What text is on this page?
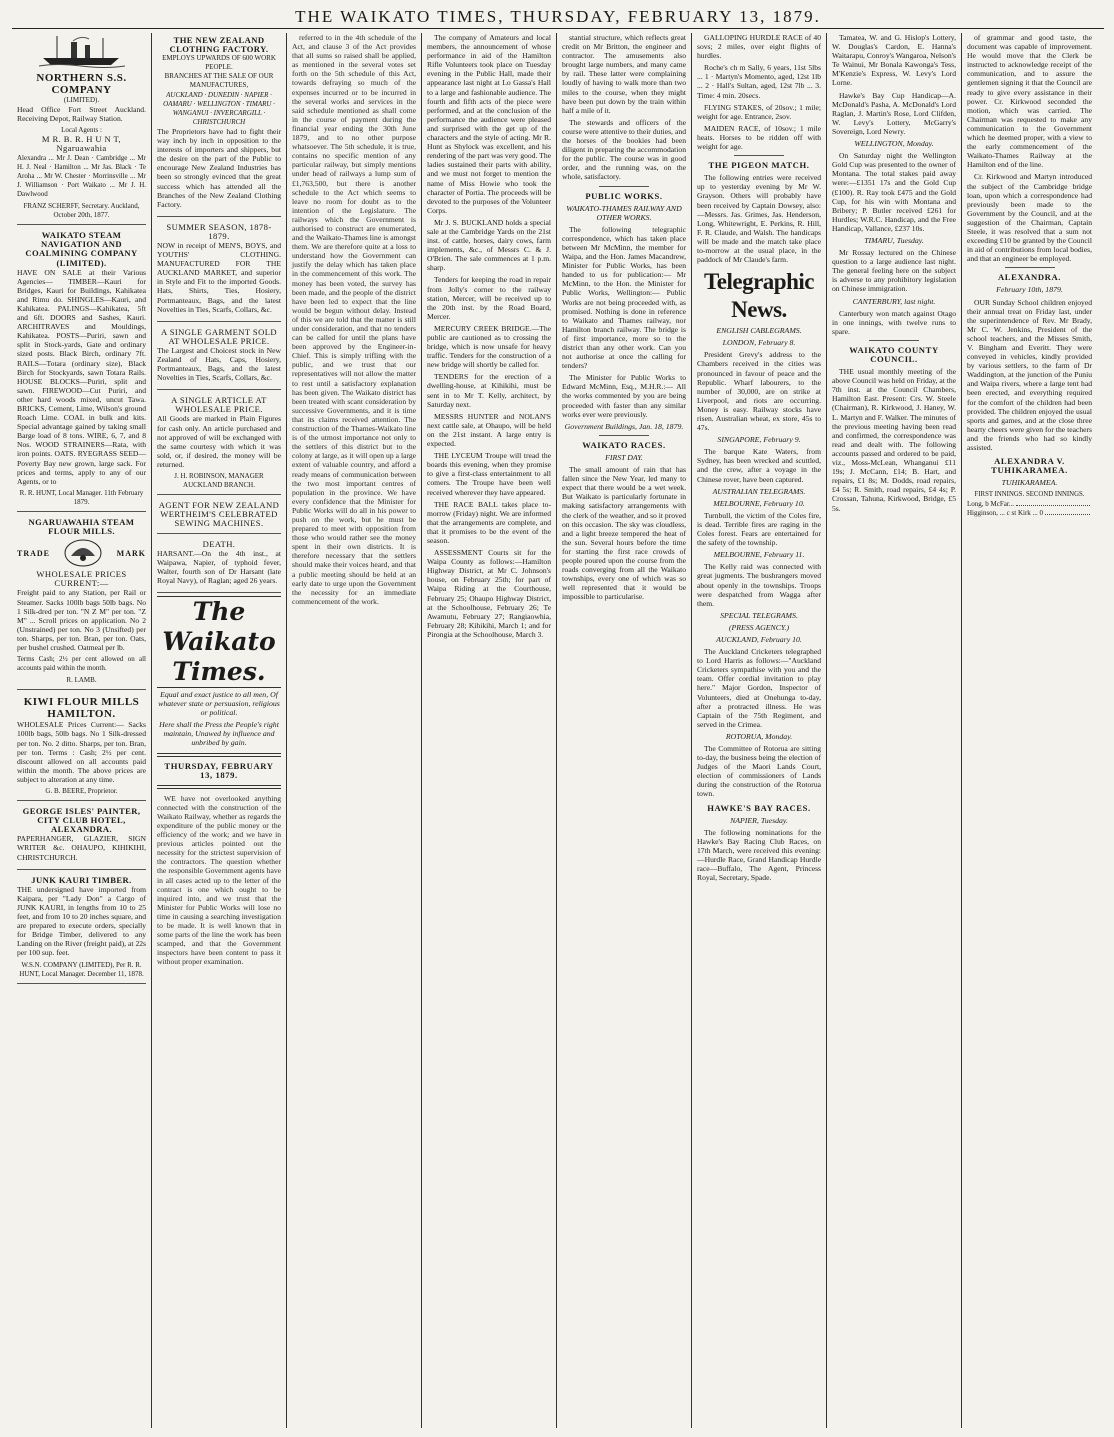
THE WAIKATO TIMES, THURSDAY, FEBRUARY 13, 1879.
NORTHERN S.S. COMPANY
(LIMITED).

Head Office Fort Street Auckland. Receiving Depot, Railway Station.

Local Agents :
M R. B. R. H U N T, Ngaruawahia

Alexandra ... Mr J. Dean · Cambridge ... Mr H. J. Neal · Hamilton ... Mr Jas. Black · Te Aroha ... Mr W. Chester · Morrinsville ... Mr J. Williamson · Port Waikato ... Mr J. H. Dawlwood

FRANZ SCHERFF, Secretary. Auckland, October 20th, 1877.
WAIKATO STEAM NAVIGATION AND COALMINING COMPANY (LIMITED).

HAVE ON SALE at their Various Agencies— TIMBER—Kauri for Bridges, Kauri for Buildings, Kahikatea and Rimu do. SHINGLES—Kauri, and Kahikatea. PALINGS—Kahikatea, 5ft and 6ft. DOORS and Sashes, Kauri. ARCHITRAVES and Mouldings, Kahikatea. POSTS—Puriri, sawn and split in Stock-yards, Gate and ordinary sized posts. Black Birch, ordinary 7ft. RAILS—Totara (ordinary size), Black Birch for Stockyards, sawn Totara Rails. HOUSE BLOCKS—Puriri, split and sawn. FIREWOOD—Cut Puriri, and other hard woods mixed, uncut Tawa. BRICKS, Cement, Lime, Wilson's ground Roach Lime. COAL in bulk and kits. Special advantage gained by taking small Barge load of 8 tons. WIRE, 6, 7, and 8 Nos. WOOD STRAINERS—Rata, with iron points. OATS. RYEGRASS SEED—Poverty Bay new grown, large sack. For prices and terms, apply to any of our Agents, or to

R. R. HUNT, Local Manager. 11th February 1879.
NGARUAWAHIA STEAM FLOUR MILLS.
TRADE	MARK
WHOLESALE PRICES CURRENT:—

Freight paid to any Station, per Rail or Steamer. Sacks 100lb bags 50lb bags. No 1 Silk-dred per ton. "N Z M" per ton. "Z M" ... Scroll prices on application. No 2 (Unstrained) per ton. No 3 (Unsifted) per ton. Sharps, per ton. Bran, per ton. Oats, per bushel crushed. Oatmeal per lb.

Terms Cash; 2½ per cent allowed on all accounts paid within the month.

R. LAMB.
KIWI FLOUR MILLS HAMILTON.

WHOLESALE Prices Current:— Sacks 100lb bags, 50lb bags. No 1 Silk-dressed per ton. No. 2 ditto. Sharps, per ton. Bran, per ton. Terms : Cash; 2½ per cent. discount allowed on all accounts paid within the month. The above prices are subject to alteration at any time.

G. B. BEERE, Proprietor.
GEORGE ISLES' PAINTER, CITY CLUB HOTEL, ALEXANDRA.

PAPERHANGER, GLAZIER, SIGN WRITER &c. OHAUPO, KIHIKIHI, CHRISTCHURCH.

JUNK KAURI TIMBER.

THE undersigned have imported from Kaipara, per "Lady Don" a Cargo of JUNK KAURI, in lengths from 10 to 25 feet, and from 10 to 20 inches square, and are prepared to execute orders, specially for Bridge Timber, delivered to any Landing on the River (freight paid), at 22s per 100 sup. feet.

W.S.N. COMPANY (LIMITED), Per R. R. HUNT, Local Manager. December 11, 1878.
THE NEW ZEALAND CLOTHING FACTORY.
EMPLOYS UPWARDS OF 600 WORK PEOPLE.
BRANCHES AT THE SALE OF OUR MANUFACTURES,
AUCKLAND · DUNEDIN · NAPIER · OAMARU · WELLINGTON · TIMARU · WANGANUI · INVERCARGILL · CHRISTCHURCH

The Proprietors have had to fight their way inch by inch in opposition to the interests of importers and shippers, but the desire on the part of the Public to encourage New Zealand Industries has been so strongly evinced that the great success which has attended all the Branches of the New Zealand Clothing Factory.

SUMMER SEASON, 1878-1879.

NOW in receipt of MEN'S, BOYS, and YOUTHS' CLOTHING. MANUFACTURED FOR THE AUCKLAND MARKET, and superior in Style and Fit to the imported Goods. Hats, Shirts, Ties, Hosiery, Portmanteaux, Bags, and the latest Novelties in Ties, Scarfs, Collars, &c.

A SINGLE GARMENT SOLD AT WHOLESALE PRICE.

The Largest and Choicest stock in New Zealand of Hats, Caps, Hosiery, Portmanteaux, Bags, and the latest Novelties in Ties, Scarfs, Collars, &c.

A SINGLE ARTICLE AT WHOLESALE PRICE.

All Goods are marked in Plain Figures for cash only. An article purchased and not approved of will be exchanged with the same courtesy with which it was sold, or, if desired, the money will be returned.

J. H. ROBINSON, MANAGER AUCKLAND BRANCH.
AGENT FOR NEW ZEALAND WERTHEIM'S CELEBRATED SEWING MACHINES.
DEATH.

HARSANT.—On the 4th inst., at Waipawa, Napier, of typhoid fever, Walter, fourth son of Dr Harsant (late Royal Navy), of Raglan; aged 26 years.

The Waikato Times.
Equal and exact justice to all men, Of whatever state or persuasion, religious or political.
Here shall the Press the People's right maintain, Unawed by influence and unbribed by gain.
THURSDAY, FEBRUARY 13, 1879.

WE have not overlooked anything connected with the construction of the Waikato Railway, whether as regards the expenditure of the public money or the efficiency of the work; and we have in previous articles pointed out the necessity for the strictest supervision of the contractors. The question whether the responsible Government agents have in all cases acted up to the letter of the contract is one which ought to be inquired into, and we trust that the Minister for Public Works will lose no time in causing a searching investigation to be made. It is well known that in some parts of the line the work has been scamped, and that the Government inspectors have been content to pass it without proper examination.

referred to in the 4th schedule of the Act, and clause 3 of the Act provides that all sums so raised shall be applied, as mentioned in the several votes set forth on the 5th schedule of this Act, towards defraying so much of the expenses incurred or to be incurred in the several works and services in the said schedule mentioned as shall come in the course of payment during the financial year ending the 30th June 1879, and to no other purpose whatsoever. The 5th schedule, it is true, contains no specific mention of any particular railway, but simply mentions under head of railways a lump sum of £1,763,500, but there is another schedule to the Act which seems to leave no room for doubt as to the intention of the Legislature. The railways which the Government is authorised to construct are enumerated, and the Waikato-Thames line is amongst them. We are therefore quite at a loss to understand how the Government can justify the delay which has taken place in the commencement of this work. The money has been voted, the survey has been made, and the people of the district have been led to expect that the line would be begun without delay. Instead of this we are told that the matter is still under consideration, and that no tenders can be called for until the plans have been approved by the Engineer-in-Chief. This is simply trifling with the public, and we trust that our representatives will not allow the matter to rest until a satisfactory explanation has been given. The Waikato district has been treated with scant consideration by successive Governments, and it is time that its claims received attention. The construction of the Thames-Waikato line is of the utmost importance not only to the settlers of this district but to the colony at large, as it will open up a large extent of valuable country, and afford a ready means of communication between the two most important centres of population in the province. We have every confidence that the Minister for Public Works will do all in his power to push on the work, but he must be prepared to meet with opposition from those who would rather see the money spent in their own districts. It is therefore necessary that the settlers should make their voices heard, and that a public meeting should be held at an early date to urge upon the Government the necessity for an immediate commencement of the work.

The company of Amateurs and local members, the announcement of whose performance in aid of the Hamilton Rifle Volunteers took place on Tuesday evening in the Public Hall, made their appearance last night at Lo Gassa's Hall to a large and fashionable audience. The fourth and fifth acts of the piece were performed, and at the conclusion of the performance the audience were pleased and surprised with the get up of the characters and the style of acting. Mr R. Hunt as Shylock was excellent, and his rendering of the part was very good. The ladies sustained their parts with ability, and we must not forget to mention the name of Miss Howie who took the character of Portia. The proceeds will be devoted to the purposes of the Volunteer Corps.

Mr J. S. BUCKLAND holds a special sale at the Cambridge Yards on the 21st inst. of cattle, horses, dairy cows, farm implements, &c., of Messrs C. & J. O'Brien. The sale commences at 1 p.m. sharp.

Tenders for keeping the road in repair from Jolly's corner to the railway station, Mercer, will be received up to the 20th inst. by the Road Board, Mercer.

MERCURY CREEK BRIDGE.—The public are cautioned as to crossing the bridge, which is now unsafe for heavy traffic. Tenders for the construction of a new bridge will shortly be called for.

TENDERS for the erection of a dwelling-house, at Kihikihi, must be sent in to Mr T. Kelly, architect, by Saturday next.

MESSRS HUNTER and NOLAN'S next cattle sale, at Ohaupo, will be held on the 21st instant. A large entry is expected.

THE LYCEUM Troupe will tread the boards this evening, when they promise to give a first-class entertainment to all comers. The Troupe have been well received wherever they have appeared.

THE RACE BALL takes place to-morrow (Friday) night. We are informed that the arrangements are complete, and that it promises to be the event of the season.

ASSESSMENT Courts sit for the Waipa County as follows:—Hamilton Highway District, at Mr C. Johnson's house, on February 25th; for part of Waipa Riding at the Courthouse, February 25; Ohaupo Highway District, at the Schoolhouse, February 26; Te Awamutu, February 27; Rangiaowhia, February 28; Kihikihi, March 1; and for Pirongia at the Schoolhouse, March 3.

stantial structure, which reflects great credit on Mr Britton, the engineer and contractor. The amusements also brought large numbers, and many came by rail. These latter were complaining loudly of having to walk more than two miles to the course, when they might have been put down by the train within half a mile of it.

The stewards and officers of the course were attentive to their duties, and the horses of the bookies had been diligent in preparing the accommodation for the public. The course was in good order, and the running was, on the whole, satisfactory.

PUBLIC WORKS.
WAIKATO-THAMES RAILWAY AND OTHER WORKS.

The following telegraphic correspondence, which has taken place between Mr McMinn, the member for Waipa, and the Hon. James Macandrew, Minister for Public Works, has been handed to us for publication:— Mr McMinn, to the Hon. the Minister for Public Works, Wellington:— Public Works are not being proceeded with, as promised. Nothing is done in reference to Waikato and Thames railway, nor Hamilton branch railway. The bridge is of first importance, more so to the district than any other work. Can you not authorise at once the calling for tenders?

The Minister for Public Works to Edward McMinn, Esq., M.H.R.:— All the works commented by you are being proceeded with faster than any similar works ever were previously.

Government Buildings, Jan. 18, 1879.
WAIKATO RACES.
FIRST DAY.

The small amount of rain that has fallen since the New Year, led many to expect that there would be a wet week. But Waikato is particularly fortunate in making satisfactory arrangements with the clerk of the weather, and so it proved on this occasion. The sky was cloudless, and a light breeze tempered the heat of the sun. Several hours before the time for starting the first race crowds of people poured upon the course from the roads converging from all the Waikato townships, every one of which was so well represented that it would be impossible to particularise.

GALLOPING HURDLE RACE of 40 sovs; 2 miles, over eight flights of hurdles.

Roche's ch m Sally, 6 years, 11st 5lbs ... 1 · Martyn's Momento, aged, 12st 1lb ... 2 · Hall's Sultan, aged, 12st 7lb ... 3. Time: 4 min. 20secs.

FLYING STAKES, of 20sov.; 1 mile; weight for age. Entrance, 2sov.

MAIDEN RACE, of 10sov.; 1 mile heats. Horses to be ridden off with weight for age.

THE PIGEON MATCH.

The following entries were received up to yesterday evening by Mr W. Grayson. Others will probably have been received by Captain Dowsey, also:—Messrs. Jas. Grimes, Jas. Henderson, Long, Whitewright, E. Perkins, R. Hill, F. R. Claude, and Walsh. The handicaps will be made and the match take place to-morrow at the usual place, in the paddock of Mr Claude's farm.

Telegraphic News.
ENGLISH CABLEGRAMS.
LONDON, February 8.

President Grevy's address to the Chambers received in the cities was pronounced in favour of peace and the Republic. Wharf labourers, to the number of 30,000, are on strike at Liverpool, and riots are occurring. Money is easy. Railway stocks have risen. Australian wheat, ex store, 45s to 47s.

SINGAPORE, February 9.

The barque Kate Waters, from Sydney, has been wrecked and scuttled, and the crew, after a voyage in the Chinese rover, have been captured.

AUSTRALIAN TELEGRAMS.
MELBOURNE, February 10.

Turnbull, the victim of the Coles fire, is dead. Terrible fires are raging in the Coles forest. Fears are entertained for the safety of the township.

MELBOURNE, February 11.

The Kelly raid was connected with great jugments. The bushrangers moved about openly in the townships. Troops were despatched from Wagga after them.

SPECIAL TELEGRAMS.
(PRESS AGENCY.)
AUCKLAND, February 10.

The Auckland Cricketers telegraphed to Lord Harris as follows:—"Auckland Cricketers sympathise with you and the team. Offer cordial invitation to play here." Major Gordon, Inspector of Volunteers, died at Onehunga to-day, after a protracted illness. He was Captain of the 75th Regiment, and served in the Crimea.

ROTORUA, Monday.

The Committee of Rotorua are sitting to-day, the business being the election of Judges of the Maori Lands Court, election of commissioners of Lands during the construction of the Rotorua town.

HAWKE'S BAY RACES.
NAPIER, Tuesday.

The following nominations for the Hawke's Bay Racing Club Races, on 17th March, were received this evening:—Hurdle Race, Grand Handicap Hurdle race—Buffalo, The Agent, Princess Royal, Secretary, Spade.

Tamatea, W. and G. Hislop's Lottery, W. Douglas's Cardon, E. Hanna's Waitarapu, Conroy's Wangaroa, Nelson's Te Wainui, Mr Bonala Kawonga's Tess, M'Kenzie's Express, W. Levy's Lord Lorne.

Hawke's Bay Cup Handicap—A. McDonald's Pasha, A. McDonald's Lord Raglan, J. Martin's Rose, Lord Clifden, W. Levy's Lottery, McGarry's Sovereign, Lord Newry.

WELLINGTON, Monday.

On Saturday night the Wellington Gold Cup was presented to the owner of Montana. The total stakes paid away were:—£1351 17s and the Gold Cup (£100). R. Ray took £475 and the Gold Cup, for his win with Montana and Bribery; P. Butler received £261 for Hurdles; W.R.C. Handicap, and the Free Handicap, Vallance, £237 10s.

TIMARU, Tuesday.

Mr Rossay lectured on the Chinese question to a large audience last night. The general feeling here on the subject is adverse to any prohibitory legislation on Chinese immigration.

CANTERBURY, last night.

Canterbury won match against Otago in one innings, with twelve runs to spare.

WAIKATO COUNTY COUNCIL.

THE usual monthly meeting of the above Council was held on Friday, at the 7th inst. at the Council Chambers, Hamilton East. Present: Crs. W. Steele (Chairman), R. Kirkwood, J. Haney, W. L. Martyn and F. Walker. The minutes of the previous meeting having been read and confirmed, the correspondence was read and dealt with. The following accounts passed and ordered to be paid, viz., Moss-McLean, Whanganui £11 19s; J. McCann, £14; B. Hart, and repairs, £1 8s; M. Dodds, road repairs, £4 5s; R. Smith, road repairs, £4 4s; P. Crossan, Tahuna, Kirkwood, Bridge, £5 5s.

of grammar and good taste, the document was capable of improvement. He would move that the Clerk be instructed to acknowledge receipt of the communication, and to assure the gentlemen signing it that the Council are ready to give every assistance in their power. Cr. Kirkwood seconded the motion, which was carried. The Chairman was requested to make any communication to the Government which he deemed proper, with a view to the early commencement of the Waikato-Thames Railway at the Hamilton end of the line.

Cr. Kirkwood and Martyn introduced the subject of the Cambridge bridge loan, upon which a correspondence had previously been made to the Government by the Council, and at the suggestion of the Chairman, Captain Steele, it was resolved that a sum not exceeding £10 be granted by the Council in aid of contributions from local bodies, and that an engineer be employed.

ALEXANDRA.
February 10th, 1879.

OUR Sunday School children enjoyed their annual treat on Friday last, under the superintendence of Rev. Mr Brady, Mr C. W. Jenkins, President of the school teachers, and the Misses Smith, V. Bingham and Everitt. They were conveyed in vehicles, kindly provided by various settlers, to the farm of Dr Waddington, at the junction of the Puniu and Waipa rivers, where a large tent had been erected, and everything required for the comfort of the children had been provided. The children enjoyed the usual sports and games, and at the close three hearty cheers were given for the teachers and the friends who had so kindly assisted.

ALEXANDRA V. TUHIKARAMEA.
TUHIKARAMEA.
FIRST INNINGS. SECOND INNINGS.
Long, b McFar...
Higginson, ... c st Kirk ... 0
